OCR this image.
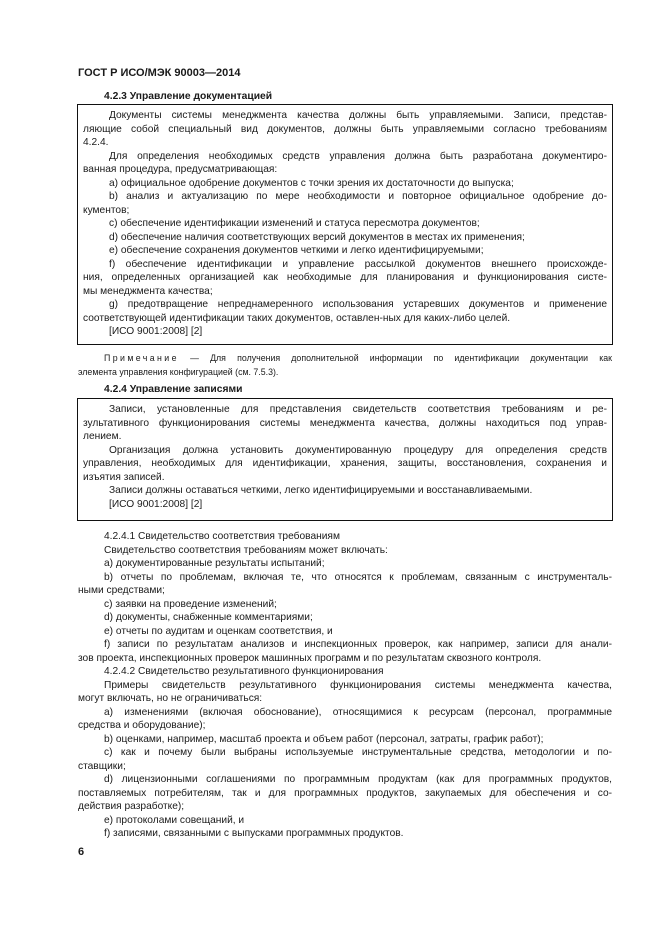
ГОСТ Р ИСО/МЭК 90003—2014
4.2.3 Управление документацией
Документы системы менеджмента качества должны быть управляемыми. Записи, представ-
ляющие собой специальный вид документов, должны быть управляемыми согласно требованиям
4.2.4.
Для определения необходимых средств управления должна быть разработана документиро-
ванная процедура, предусматривающая:
a) официальное одобрение документов с точки зрения их достаточности до выпуска;
b) анализ и актуализацию по мере необходимости и повторное официальное одобрение до-
кументов;
c) обеспечение идентификации изменений и статуса пересмотра документов;
d) обеспечение наличия соответствующих версий документов в местах их применения;
e) обеспечение сохранения документов четкими и легко идентифицируемыми;
f) обеспечение идентификации и управление рассылкой документов внешнего происхожде-
ния, определенных организацией как необходимые для планирования и функционирования систе-
мы менеджмента качества;
g) предотвращение непреднамеренного использования устаревших документов и применение
соответствующей идентификации таких документов, оставлен-ных для каких-либо целей.
[ИСО 9001:2008] [2]
Примечание — Для получения дополнительной информации по идентификации документации как
элемента управления конфигурацией (см. 7.5.3).
4.2.4 Управление записями
Записи, установленные для представления свидетельств соответствия требованиям и ре-
зультативного функционирования системы менеджмента качества, должны находиться под управ-
лением.
Организация должна установить документированную процедуру для определения средств
управления, необходимых для идентификации, хранения, защиты, восстановления, сохранения и
изъятия записей.
Записи должны оставаться четкими, легко идентифицируемыми и восстанавливаемыми.
[ИСО 9001:2008] [2]
4.2.4.1 Свидетельство соответствия требованиям
Свидетельство соответствия требованиям может включать:
a) документированные результаты испытаний;
b) отчеты по проблемам, включая те, что относятся к проблемам, связанным с инструменталь-
ными средствами;
c) заявки на проведение изменений;
d) документы, снабженные комментариями;
e) отчеты по аудитам и оценкам соответствия, и
f) записи по результатам анализов и инспекционных проверок, как например, записи для анали-
зов проекта, инспекционных проверок машинных программ и по результатам сквозного контроля.
4.2.4.2 Свидетельство результативного функционирования
Примеры свидетельств результативного функционирования системы менеджмента качества,
могут включать, но не ограничиваться:
a) изменениями (включая обоснование), относящимися к ресурсам (персонал, программные
средства и оборудование);
b) оценками, например, масштаб проекта и объем работ (персонал, затраты, график работ);
c) как и почему были выбраны используемые инструментальные средства, методологии и по-
ставщики;
d) лицензионными соглашениями по программным продуктам (как для программных продуктов,
поставляемых потребителям, так и для программных продуктов, закупаемых для обеспечения и со-
действия разработке);
e) протоколами совещаний, и
f) записями, связанными с выпусками программных продуктов.
6
